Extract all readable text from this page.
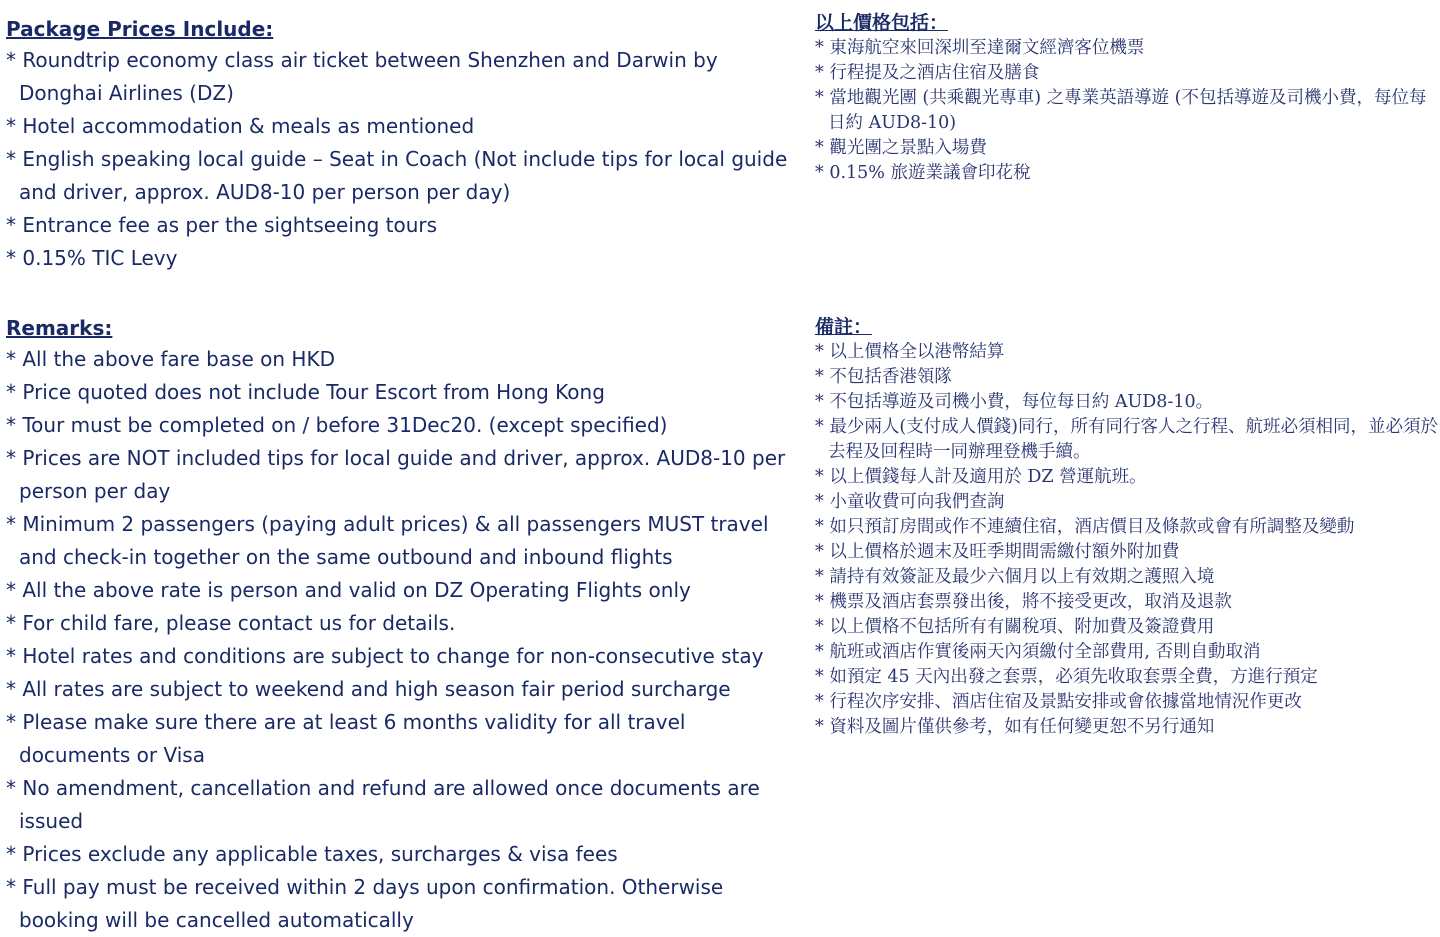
Package Prices Include:
* Roundtrip economy class air ticket between Shenzhen and Darwin by Donghai Airlines (DZ)
* Hotel accommodation & meals as mentioned
* English speaking local guide – Seat in Coach (Not include tips for local guide and driver, approx. AUD8-10 per person per day)
* Entrance fee as per the sightseeing tours
* 0.15% TIC Levy
Remarks:
* All the above fare base on HKD
* Price quoted does not include Tour Escort from Hong Kong
* Tour must be completed on / before 31Dec20. (except specified)
* Prices are NOT included tips for local guide and driver, approx. AUD8-10 per person per day
* Minimum 2 passengers (paying adult prices) & all passengers MUST travel and check-in together on the same outbound and inbound flights
* All the above rate is person and valid on DZ Operating Flights only
* For child fare, please contact us for details.
* Hotel rates and conditions are subject to change for non-consecutive stay
* All rates are subject to weekend and high season fair period surcharge
* Please make sure there are at least 6 months validity for all travel documents or Visa
* No amendment, cancellation and refund are allowed once documents are issued
* Prices exclude any applicable taxes, surcharges & visa fees
* Full pay must be received within 2 days upon confirmation. Otherwise booking will be cancelled automatically
以上價格包括：
* 東海航空來回深圳至達爾文經濟客位機票
* 行程提及之酒店住宿及膳食
* 當地觀光團 (共乘觀光專車) 之專業英語導遊 (不包括導遊及司機小費，每位每日約 AUD8-10)
* 觀光團之景點入場費
* 0.15% 旅遊業議會印花稅
備註：
* 以上價格全以港幣結算
* 不包括香港領隊
* 不包括導遊及司機小費，每位每日約 AUD8-10。
* 最少兩人(支付成人價錢)同行，所有同行客人之行程、航班必須相同，並必須於去程及回程時一同辦理登機手續。
* 以上價錢每人計及適用於 DZ 營運航班。
* 小童收費可向我們查詢
* 如只預訂房間或作不連續住宿，酒店價目及條款或會有所調整及變動
* 以上價格於週末及旺季期間需繳付額外附加費
* 請持有效簽証及最少六個月以上有效期之護照入境
* 機票及酒店套票發出後，將不接受更改，取消及退款
* 以上價格不包括所有有關稅項、附加費及簽證費用
* 航班或酒店作實後兩天內須繳付全部費用, 否則自動取消
* 如預定 45 天內出發之套票，必須先收取套票全費，方進行預定
* 行程次序安排、酒店住宿及景點安排或會依據當地情況作更改
* 資料及圖片僅供參考，如有任何變更恕不另行通知
